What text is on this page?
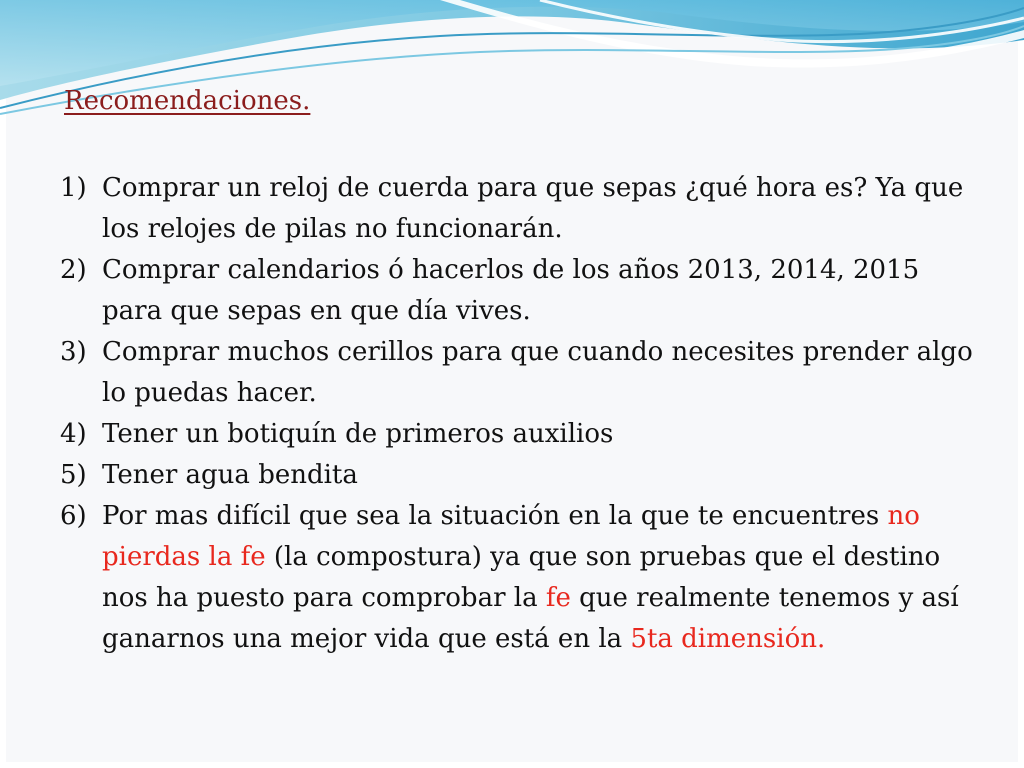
Recomendaciones.
1) Comprar un reloj de cuerda para que sepas ¿qué hora es? Ya que los relojes de pilas no funcionarán.
2) Comprar calendarios ó hacerlos de los años 2013, 2014, 2015 para que sepas en que día vives.
3) Comprar muchos cerillos para que cuando necesites prender algo lo puedas hacer.
4) Tener un botiquín de primeros auxilios
5) Tener agua bendita
6) Por mas difícil que sea la situación en la que te encuentres no pierdas la fe (la compostura) ya que son pruebas que el destino nos ha puesto para comprobar la fe que realmente tenemos y así ganarnos una mejor vida que está en la 5ta dimensión.
